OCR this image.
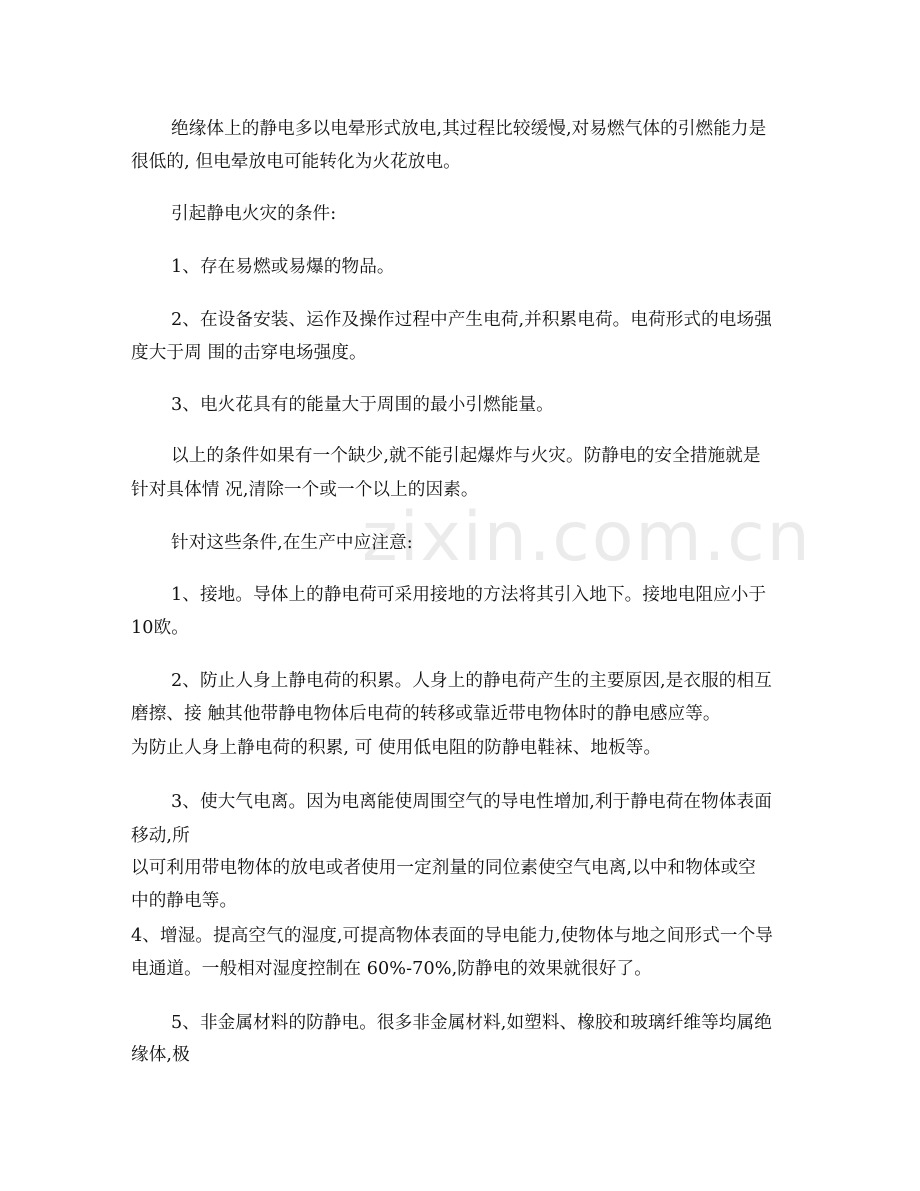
zixin.com.cn

绝缘体上的静电多以电晕形式放电,其过程比较缓慢,对易燃气体的引燃能力是

很低的, 但电晕放电可能转化为火花放电。

引起静电火灾的条件:

1、存在易燃或易爆的物品。

2、在设备安装、运作及操作过程中产生电荷,并积累电荷。电荷形式的电场强

度大于周 围的击穿电场强度。

3、电火花具有的能量大于周围的最小引燃能量。

以上的条件如果有一个缺少,就不能引起爆炸与火灾。防静电的安全措施就是

针对具体情 况,清除一个或一个以上的因素。

针对这些条件,在生产中应注意:

1、接地。导体上的静电荷可采用接地的方法将其引入地下。接地电阻应小于

10欧。

2、防止人身上静电荷的积累。人身上的静电荷产生的主要原因,是衣服的相互

磨擦、接 触其他带静电物体后电荷的转移或靠近带电物体时的静电感应等。

为防止人身上静电荷的积累, 可 使用低电阻的防静电鞋袜、地板等。

3、使大气电离。因为电离能使周围空气的导电性增加,利于静电荷在物体表面

移动,所

以可利用带电物体的放电或者使用一定剂量的同位素使空气电离,以中和物体或空

中的静电等。

4、增湿。提高空气的湿度,可提高物体表面的导电能力,使物体与地之间形式一个导

电通道。一般相对湿度控制在 60%-70%,防静电的效果就很好了。

5、非金属材料的防静电。很多非金属材料,如塑料、橡胶和玻璃纤维等均属绝

缘体,极
